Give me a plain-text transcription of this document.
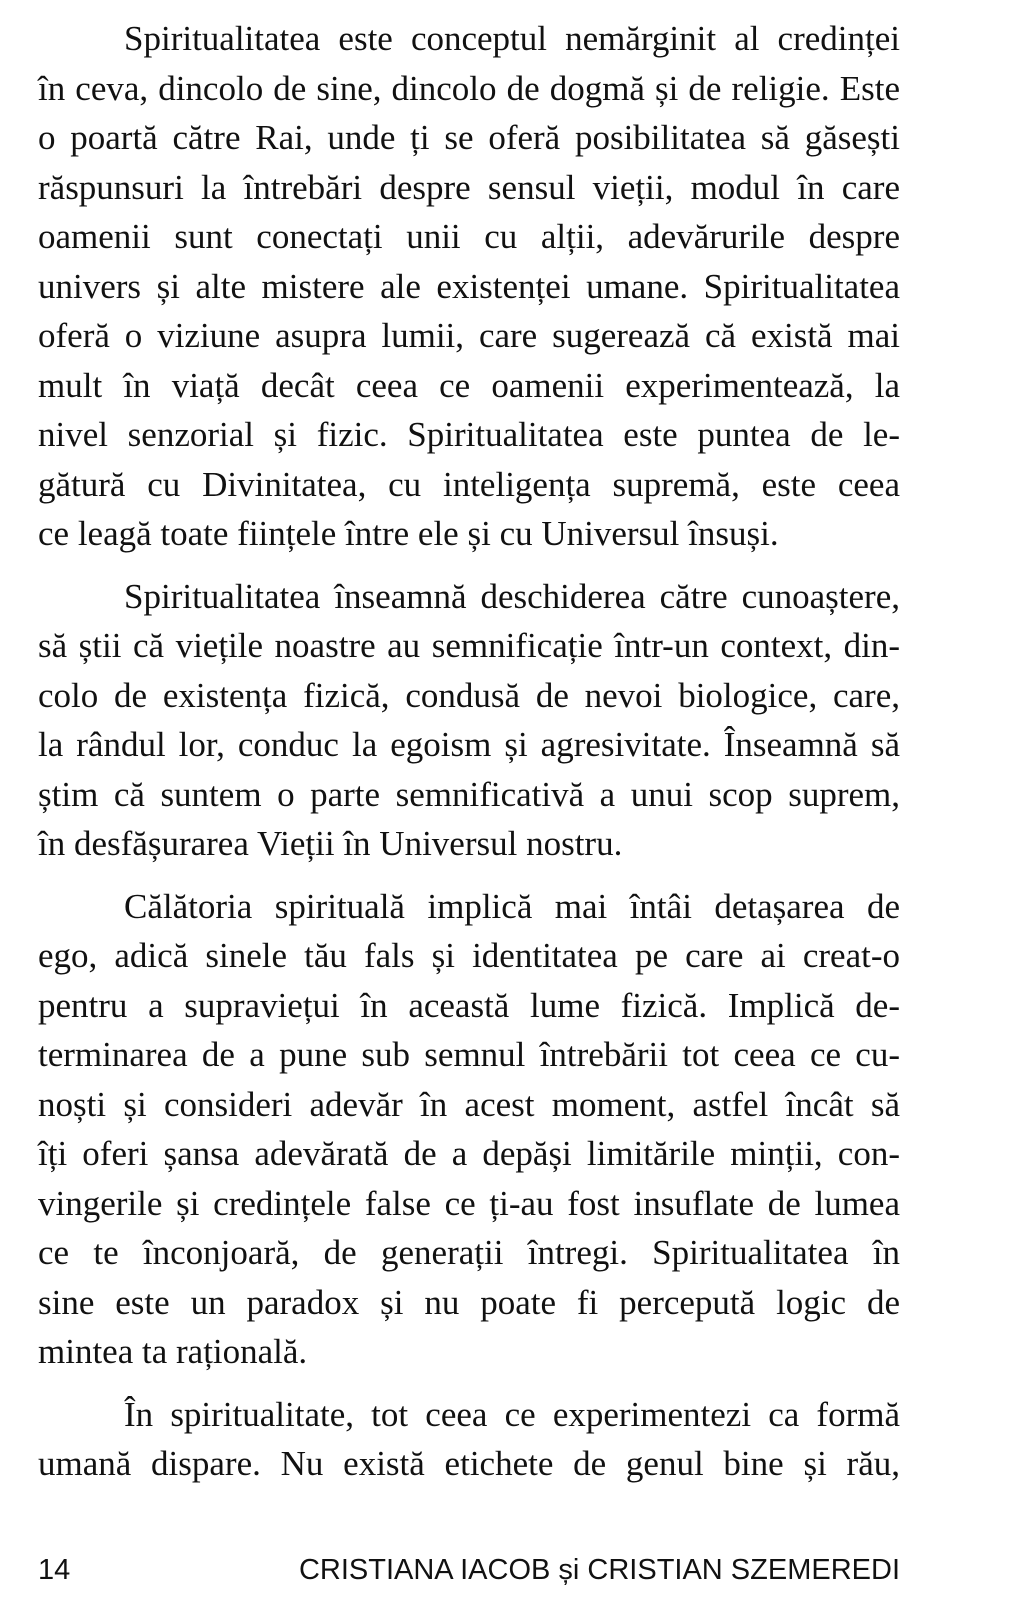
Spiritualitatea este conceptul nemărginit al credinței
în ceva, dincolo de sine, dincolo de dogmă și de religie. Este
o poartă către Rai, unde ți se oferă posibilitatea să găsești
răspunsuri la întrebări despre sensul vieții, modul în care
oamenii sunt conectați unii cu alții, adevărurile despre
univers și alte mistere ale existenței umane. Spiritualitatea
oferă o viziune asupra lumii, care sugerează că există mai
mult în viață decât ceea ce oamenii experimentează, la
nivel senzorial și fizic. Spiritualitatea este puntea de le-
gătură cu Divinitatea, cu inteligența supremă, este ceea
ce leagă toate ființele între ele și cu Universul însuși.
Spiritualitatea înseamnă deschiderea către cunoaștere,
să știi că viețile noastre au semnificație într-un context, din-
colo de existența fizică, condusă de nevoi biologice, care,
la rândul lor, conduc la egoism și agresivitate. Înseamnă să
știm că suntem o parte semnificativă a unui scop suprem,
în desfășurarea Vieții în Universul nostru.
Călătoria spirituală implică mai întâi detașarea de
ego, adică sinele tău fals și identitatea pe care ai creat-o
pentru a supraviețui în această lume fizică. Implică de-
terminarea de a pune sub semnul întrebării tot ceea ce cu-
noști și consideri adevăr în acest moment, astfel încât să
îți oferi șansa adevărată de a depăși limitările minții, con-
vingerile și credințele false ce ți-au fost insuflate de lumea
ce te înconjoară, de generații întregi. Spiritualitatea în
sine este un paradox și nu poate fi percepută logic de
mintea ta rațională.
În spiritualitate, tot ceea ce experimentezi ca formă
umană dispare. Nu există etichete de genul bine și rău,
14	CRISTIANA IACOB și CRISTIAN SZEMEREDI
